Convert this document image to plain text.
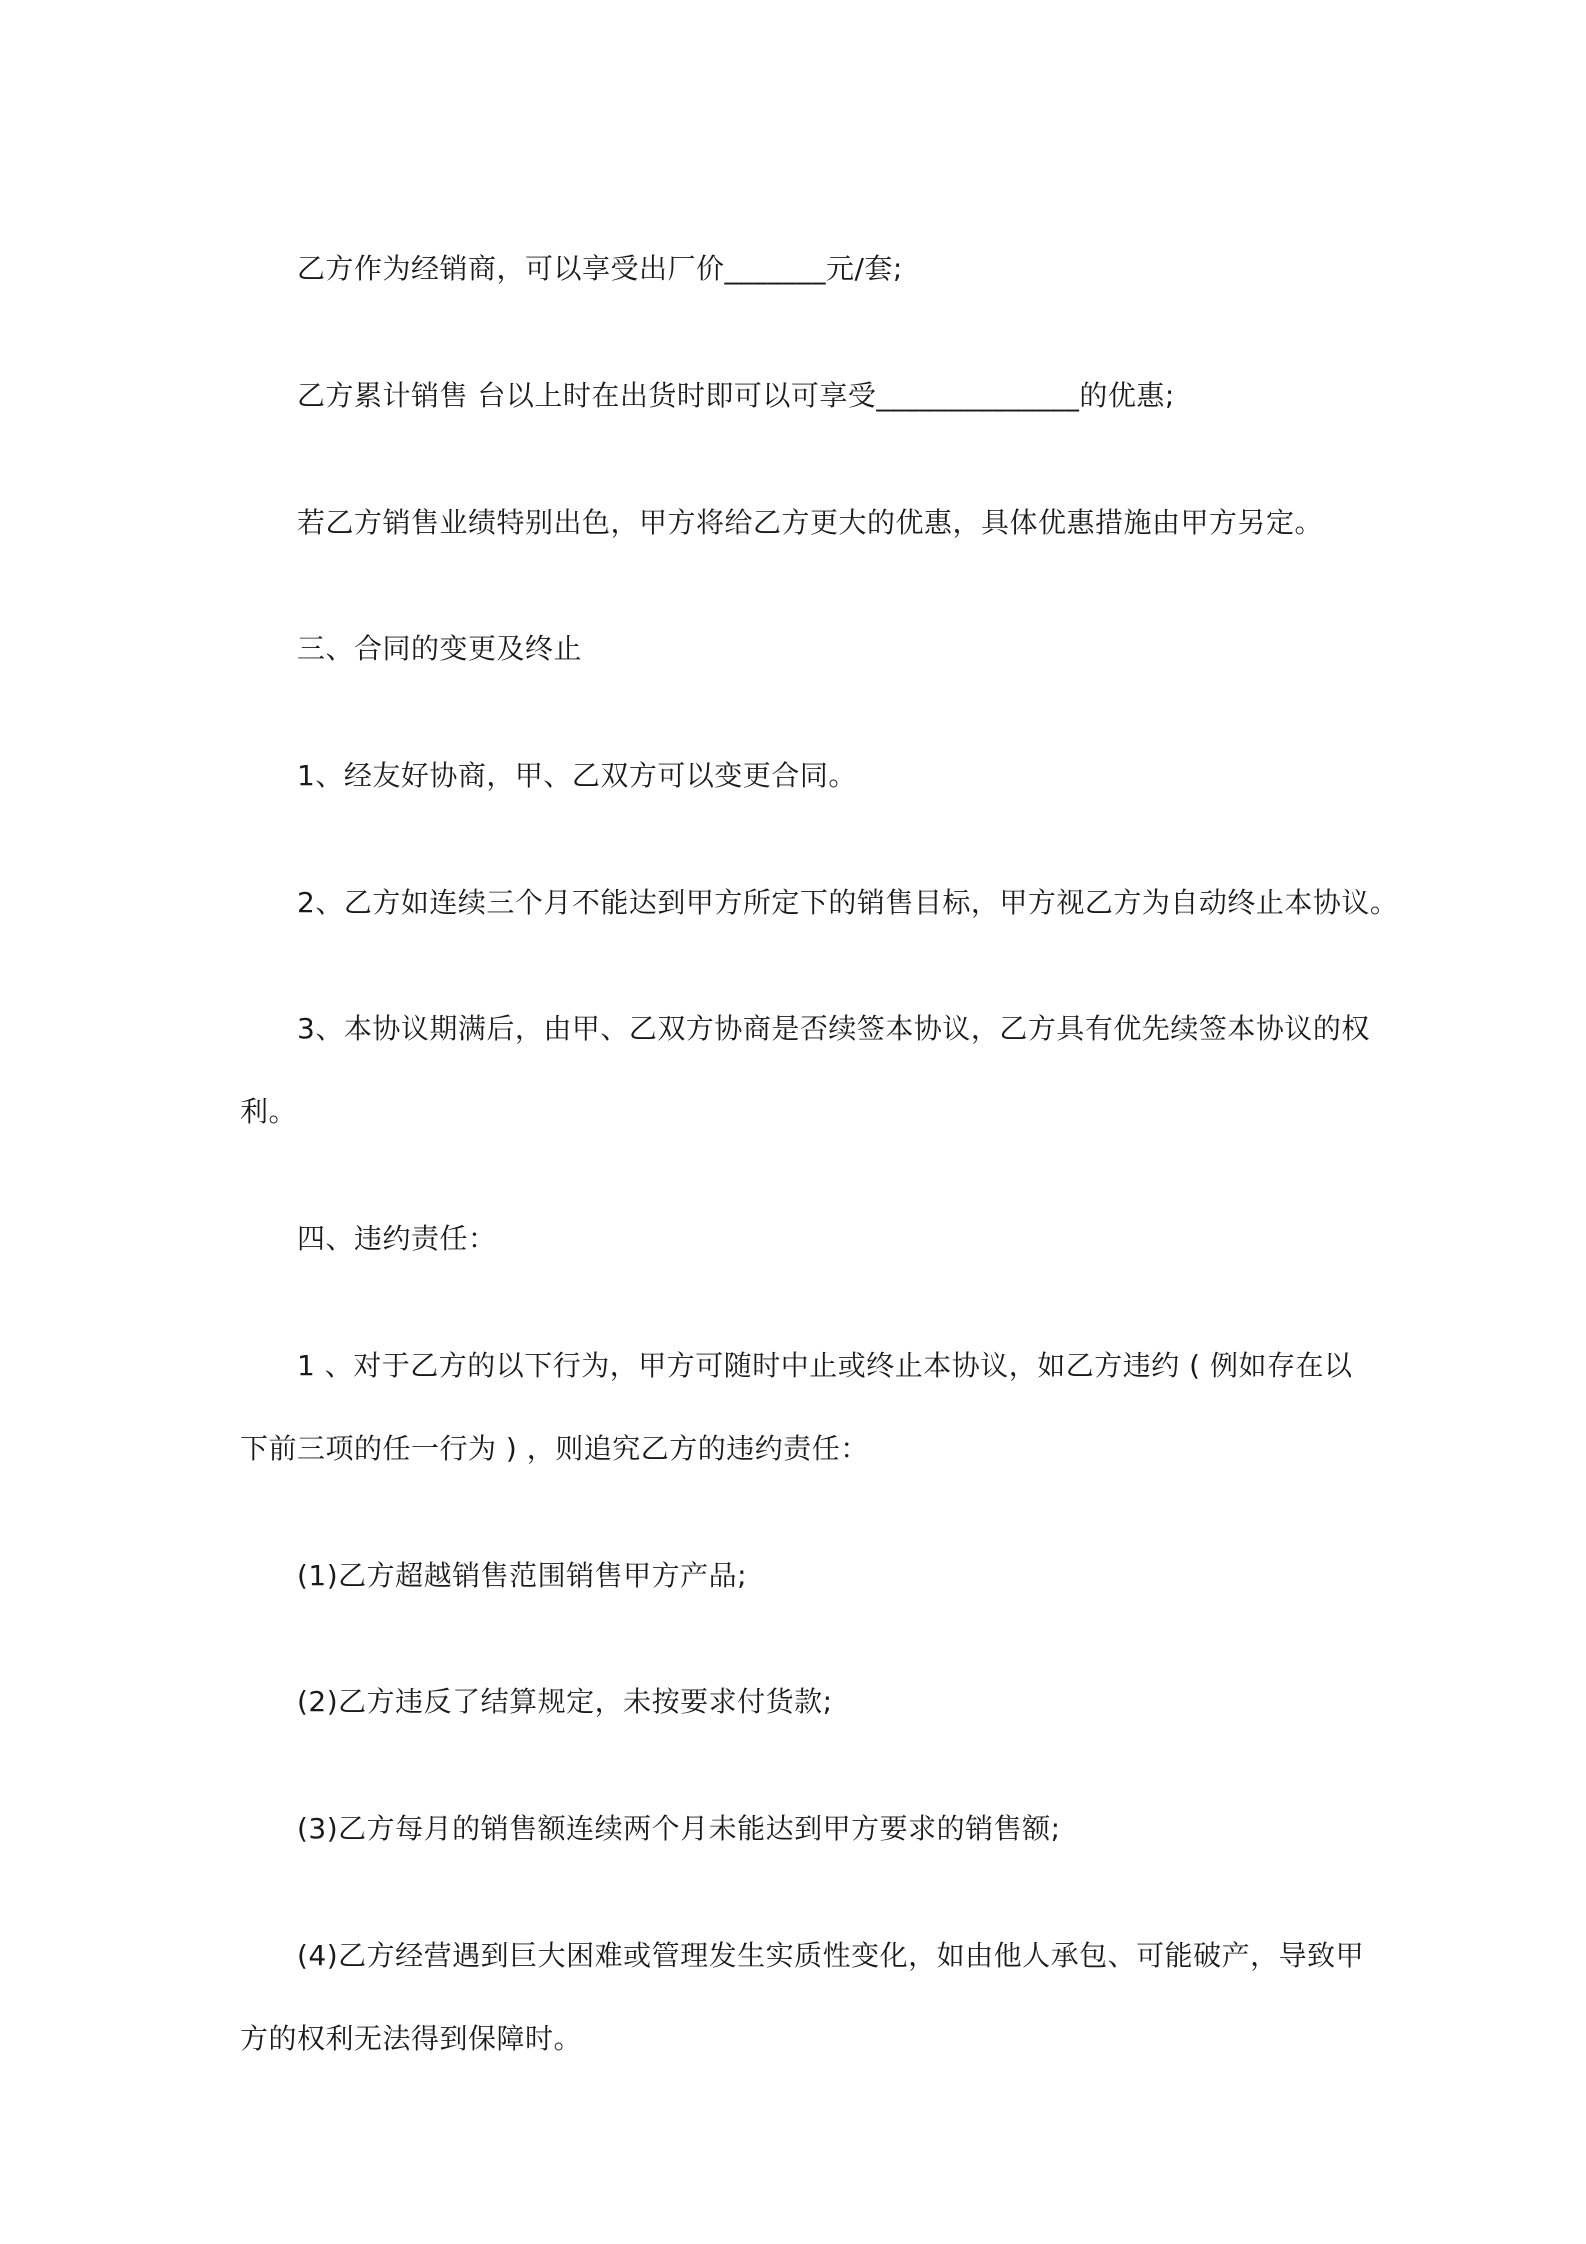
乙方作为经销商，可以享受出厂价_______元/套;
乙方累计销售 台以上时在出货时即可以可享受______________的优惠;
若乙方销售业绩特别出色，甲方将给乙方更大的优惠，具体优惠措施由甲方另定。
三、合同的变更及终止
1、经友好协商，甲、乙双方可以变更合同。
2、乙方如连续三个月不能达到甲方所定下的销售目标，甲方视乙方为自动终止本协议。
3、本协议期满后，由甲、乙双方协商是否续签本协议，乙方具有优先续签本协议的权
利。
四、违约责任：
1 、对于乙方的以下行为，甲方可随时中止或终止本协议，如乙方违约 ( 例如存在以
下前三项的任一行为 ) ，则追究乙方的违约责任：
(1)乙方超越销售范围销售甲方产品;
(2)乙方违反了结算规定，未按要求付货款;
(3)乙方每月的销售额连续两个月未能达到甲方要求的销售额;
(4)乙方经营遇到巨大困难或管理发生实质性变化，如由他人承包、可能破产，导致甲
方的权利无法得到保障时。
